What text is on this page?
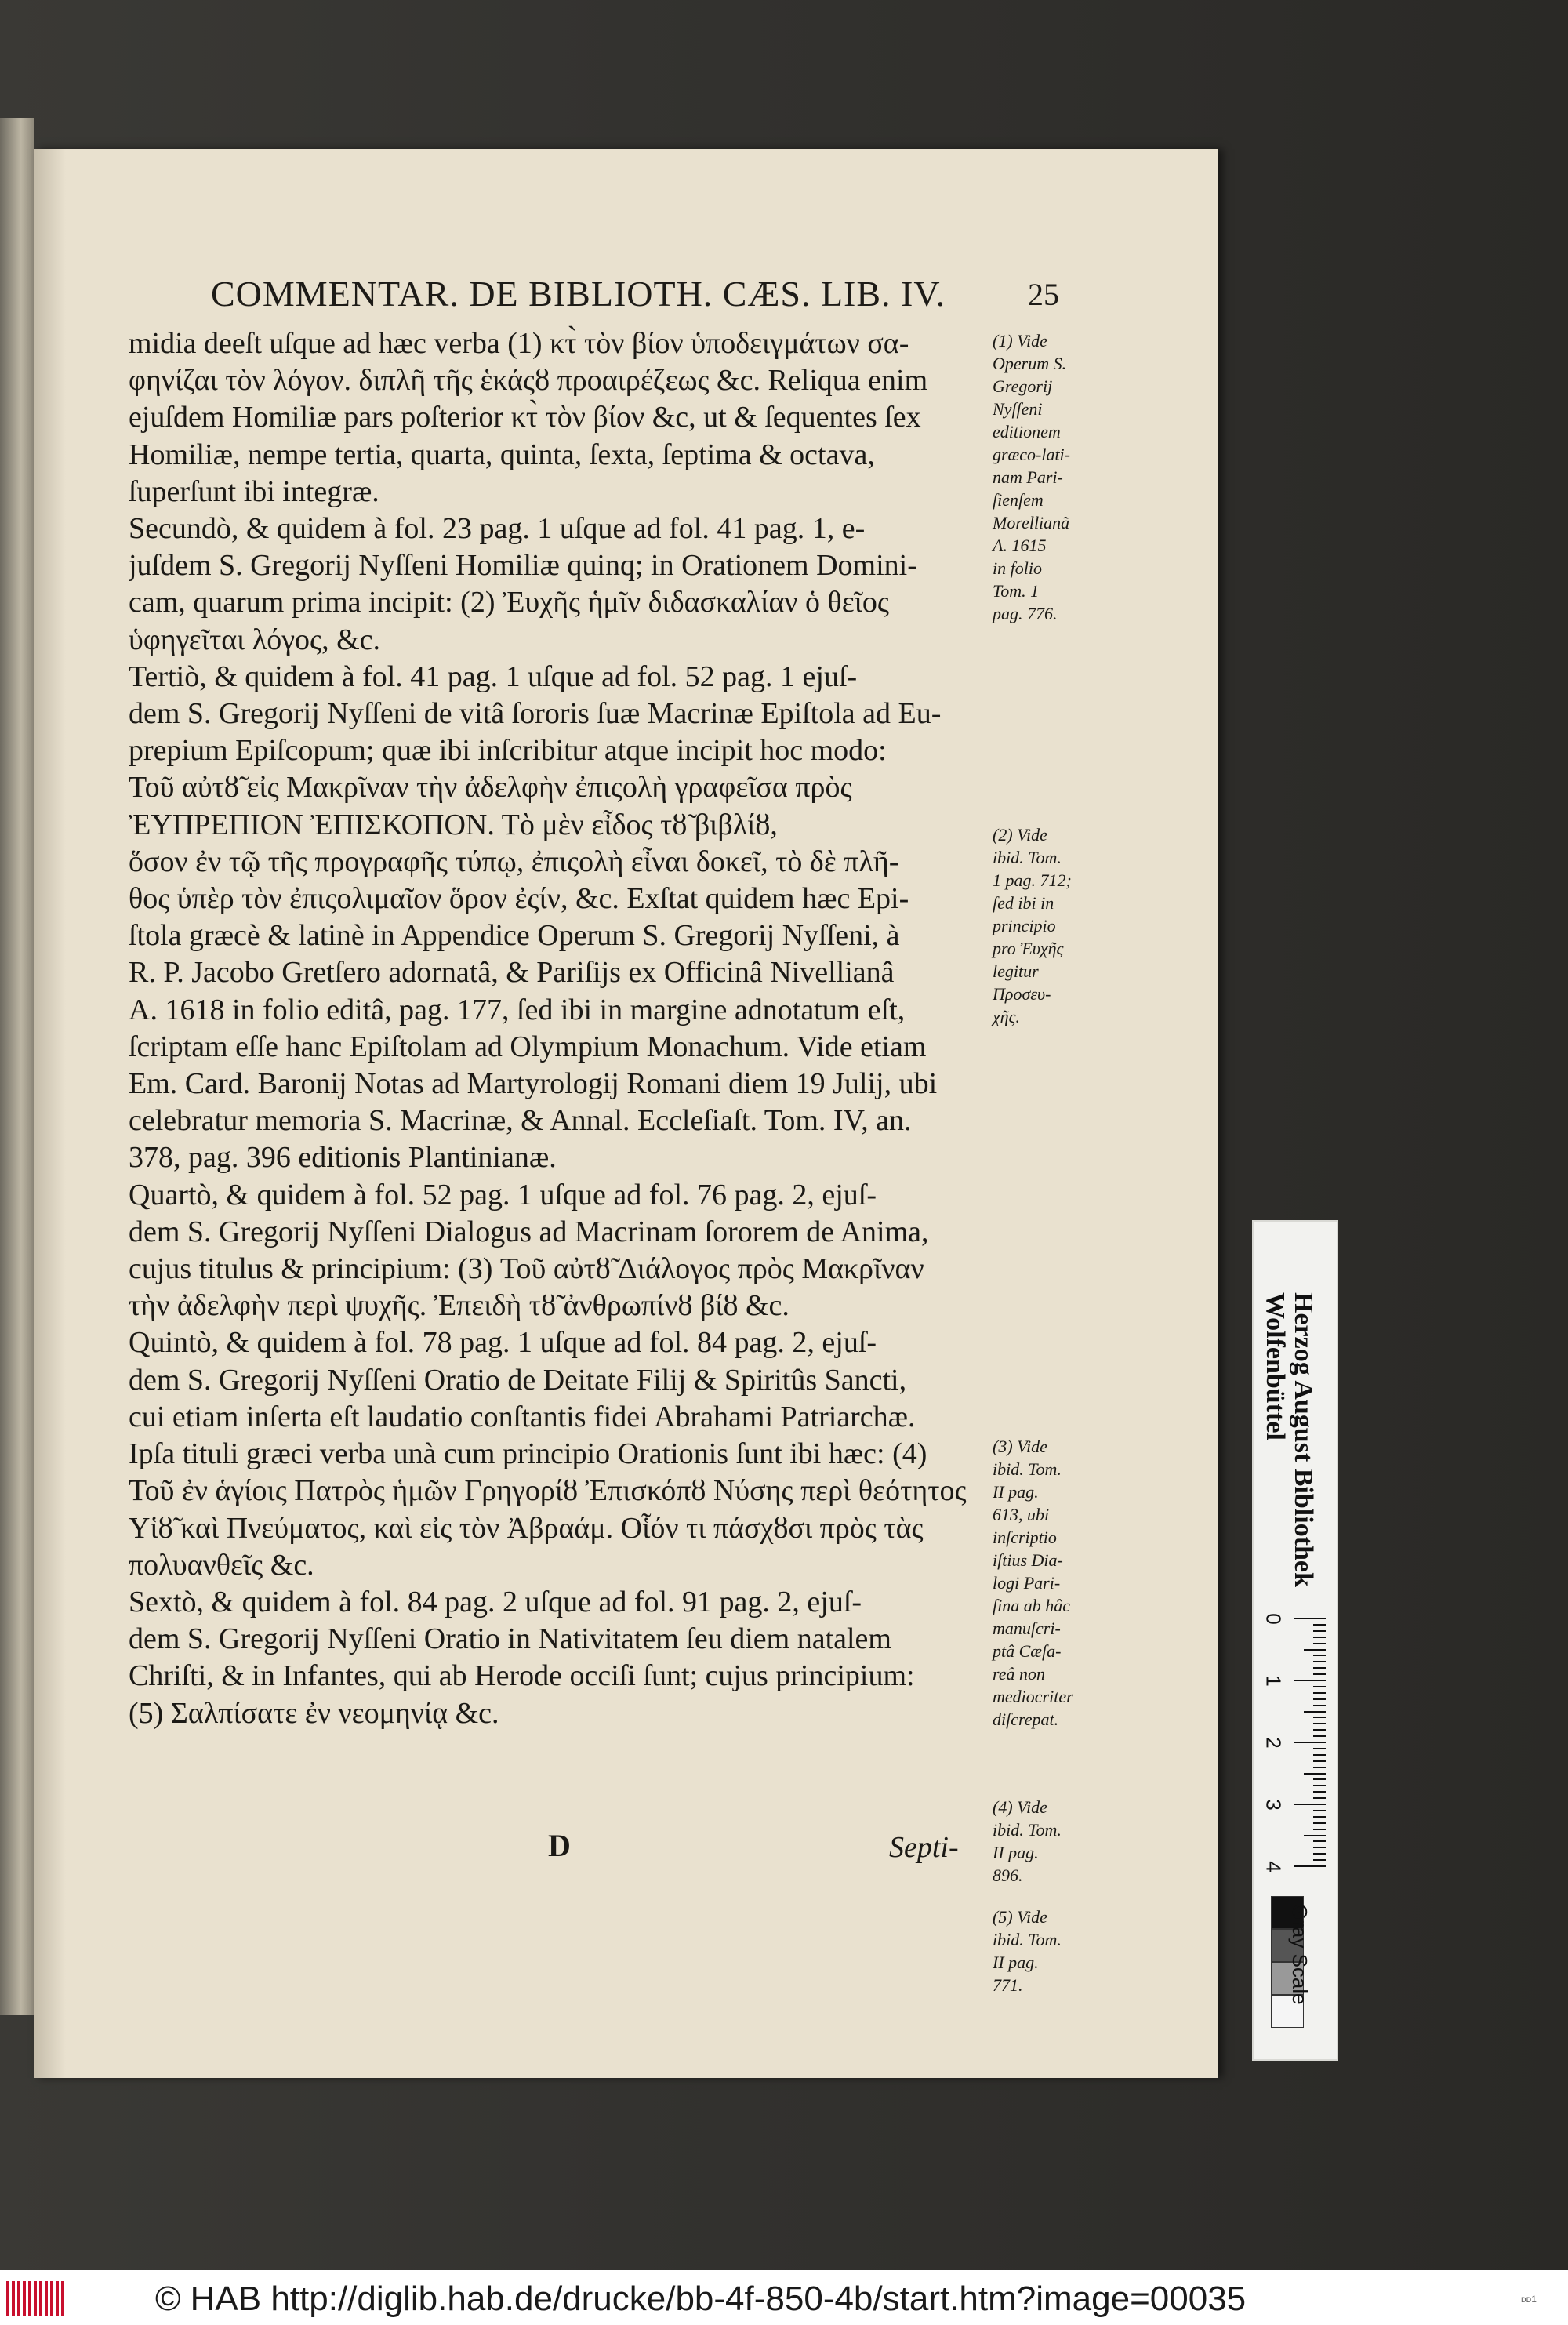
COMMENTAR. DE BIBLIOTH. CÆS. LIB. IV.	25
midia deeſt uſque ad hæc verba (1) κτ̀ τὸν βίον ὑποδειγμάτων σα-
φηνίζαι τὸν λόγον. διπλῆ τῆς ἑκάςȣ προαιρέζεως &c. Reliqua enim
ejuſdem Homiliæ pars poſterior κτ̀ τὸν βίον &c, ut & ſequentes ſex
Homiliæ, nempe tertia, quarta, quinta, ſexta, ſeptima & octava,
ſuperſunt ibi integræ.
Secundò, & quidem à fol. 23 pag. 1 uſque ad fol. 41 pag. 1, e-
juſdem S. Gregorij Nyſſeni Homiliæ quinq; in Orationem Domini-
cam, quarum prima incipit: (2) Ἐυχῆς ἡμῖν διδασκαλίαν ὁ θεῖος
ὑφηγεῖται λόγος, &c.
Tertiò, & quidem à fol. 41 pag. 1 uſque ad fol. 52 pag. 1 ejuſ-
dem S. Gregorij Nyſſeni de vitâ ſororis ſuæ Macrinæ Epiſtola ad Eu-
prepium Epiſcopum; quæ ibi inſcribitur atque incipit hoc modo:
Τοῦ αὐτȣ̃ εἰς Μακρῖναν τὴν ἀδελφὴν ἐπιςολὴ γραφεῖσα πρὸς
ἘΥΠΡΕΠΙΟΝ ἘΠΙΣΚΟΠΟΝ. Τὸ μὲν εἶδος τȣ̃ βιβλίȣ,
ὅσον ἐν τῷ τῆς προγραφῆς τύπῳ, ἐπιςολὴ εἶναι δοκεῖ, τὸ δὲ πλῆ-
θος ὑπὲρ τὸν ἐπιςολιμαῖον ὅρον ἐςίν, &c. Exſtat quidem hæc Epi-
ſtola græcè & latinè in Appendice Operum S. Gregorij Nyſſeni, à
R. P. Jacobo Gretſero adornatâ, & Pariſijs ex Officinâ Nivellianâ
A. 1618 in folio editâ, pag. 177, ſed ibi in margine adnotatum eſt,
ſcriptam eſſe hanc Epiſtolam ad Olympium Monachum. Vide etiam
Em. Card. Baronij Notas ad Martyrologij Romani diem 19 Julij, ubi
celebratur memoria S. Macrinæ, & Annal. Eccleſiaſt. Tom. IV, an.
378, pag. 396 editionis Plantinianæ.
Quartò, & quidem à fol. 52 pag. 1 uſque ad fol. 76 pag. 2, ejuſ-
dem S. Gregorij Nyſſeni Dialogus ad Macrinam ſororem de Anima,
cujus titulus & principium: (3) Τοῦ αὐτȣ̃ Διάλογος πρὸς Μακρῖναν
τὴν ἀδελφὴν περὶ ψυχῆς. Ἐπειδὴ τȣ̃ ἀνθρωπίνȣ βίȣ &c.
Quintò, & quidem à fol. 78 pag. 1 uſque ad fol. 84 pag. 2, ejuſ-
dem S. Gregorij Nyſſeni Oratio de Deitate Filij & Spiritûs Sancti,
cui etiam inſerta eſt laudatio conſtantis fidei Abrahami Patriarchæ.
Ipſa tituli græci verba unà cum principio Orationis ſunt ibi hæc: (4)
Τοῦ ἐν ἁγίοις Πατρὸς ἡμῶν Γρηγορίȣ Ἐπισκόπȣ Νύσης περὶ θεότητος
Υἱȣ̃ καὶ Πνεύματος, καὶ εἰς τὸν Ἀβραάμ. Οἷόν τι πάσχȣσι πρὸς τὰς
πολυανθεῖς &c.
Sextò, & quidem à fol. 84 pag. 2 uſque ad fol. 91 pag. 2, ejuſ-
dem S. Gregorij Nyſſeni Oratio in Nativitatem ſeu diem natalem
Chriſti, & in Infantes, qui ab Herode occiſi ſunt; cujus principium:
(5) Σαλπίσατε ἐν νεομηνίᾳ &c.
(1) Vide
Operum S.
Gregorij
Nyſſeni
editionem
græco-lati-
nam Pari-
ſienſem
Morellianã
A. 1615
in folio
Tom. 1
pag. 776.
(2) Vide
ibid. Tom.
1 pag. 712;
ſed ibi in
principio
pro Ἐυχῆς
legitur
Προσευ-
χῆς.
(3) Vide
ibid. Tom.
II pag.
613, ubi
inſcriptio
iſtius Dia-
logi Pari-
ſina ab hâc
manuſcri-
ptâ Cæſa-
reâ non
mediocriter
diſcrepat.
(4) Vide
ibid. Tom.
II pag.
896.
(5) Vide
ibid. Tom.
II pag.
771.
D	Septi-
Herzog August Bibliothek
Wolfenbüttel
0
1
2
3
4
Gray Scale
© HAB http://diglib.hab.de/drucke/bb-4f-850-4b/start.htm?image=00035	ᴅᴅ1
